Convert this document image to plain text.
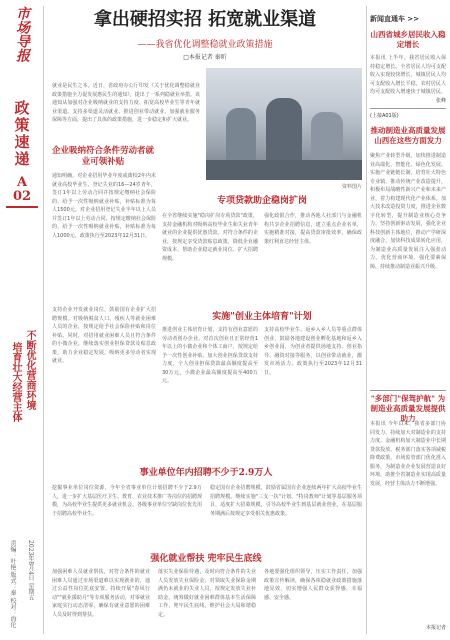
市场导报
政策速递
A
02
不断优化营商环境
培育壮大经营主体
2023年8月4日 星期五
责编：叶艳 版式：秦 校对：海伦
拿出硬招实招 拓宽就业渠道
——我省优化调整稳就业政策措施
□本报记者 秦昕
就业是民生之本。近日，省政府办公厅印发《关于优化调整稳就业政策措施全力促发展惠民生的通知》，提出了一系列稳就业举措。该通知从加强对企业吸纳就业的支持力度、拓宽高校毕业生等青年就业渠道、支持多渠道灵活就业、推进创业带动就业、加强就业服务保障等方面，提出了具体的政策措施，进一步稳定和扩大就业。
资料图片
企业吸纳符合条件劳动者就业可领补贴
通知明确，对企业招用毕业年度或离校2年内未就业高校毕业生、登记失业的16—24岁青年，签订1年以上劳动合同并按规定缴纳社会保险的，给予一次性吸纳就业补贴，补贴标准为每人1500元。对企业招用登记失业半年以上人员并签订1年以上劳动合同、按规定缴纳社会保险的，给予一次性吸纳就业补贴，补贴标准为每人1000元。政策执行至2023年12月31日。
支持企业开发就业岗位，鼓励国有企业扩大招聘规模。对吸纳脱贫人口、残疾人等就业困难人员的企业，按规定给予社会保险补贴和岗位补贴。同时，对招用就业困难人员且符合条件的小微企业，继续落实创业担保贷款及贴息政策，助力企业稳定发展，吸纳更多劳动者实现就业。
专项贷款助企稳岗扩岗
在全省继续实施"稳岗扩岗专项贷款"政策，支持金融机构对吸纳高校毕业生和失业青年就业的企业提供优惠贷款。对符合条件的企业，按规定享受贷款贴息政策，降低企业融资成本，帮助企业稳定就业岗位、扩大招聘规模。
强化政银合作，推动各地人社部门与金融机构共享企业招聘信息，建立重点企业名单，实施精准对接，提高贷款审批效率，确保政策红利直达经营主体。
实施"创业主体培育"计划
推进创业主体培育计划，支持有创业意愿的劳动者创办企业。对首次创业且正常经营1年以上的小微企业和个体工商户，按规定给予一次性创业补贴。加大创业担保贷款支持力度，个人创业担保贷款最高额度提高至30万元，小微企业最高额度提高至400万元。
支持高校毕业生、返乡入乡人员等重点群体创业，鼓励各地建设创业孵化基地和返乡入乡创业园，为创业者提供场地支持、创业指导、融资对接等服务，以创业带动就业，激发市场活力。政策执行至2023年12月31日。
事业单位年内招聘不少于2.9万人
挖掘事业单位岗位资源，今年全省事业单位计划招聘不少于2.9万人，进一步扩大基层医疗卫生、教育、农业技术推广等岗位的招聘规模，为高校毕业生提供更多就业机会。各级事业单位空缺岗位优先用于招聘高校毕业生。
稳定国有企业招聘规模，鼓励省属国有企业连续两年扩大高校毕业生招聘规模。继续实施"三支一扶"计划、"特岗教师"计划等基层服务项目，适度扩大招募规模，引导高校毕业生到基层就业创业，在基层服务期满后按规定享受相关优惠政策。
强化就业帮扶 兜牢民生底线
加强困难人员就业帮扶，对符合条件的就业困难人员通过市场渠道难以实现就业的，通过公益性岗位托底安置。持续开展"春风行动""就业援助月"等专项服务活动，对零就业家庭实行动态清零，确保有就业意愿的困难人员及时得到帮扶。
落实失业保险待遇，及时向符合条件的失业人员发放失业保险金，对领取失业保险金期满仍未就业的失业人员，按规定发放失业补助金。统筹做好就业困难群体基本生活保障工作，兜牢民生底线，维护社会大局和谐稳定。
各地要强化组织领导，压实工作责任，加强政策宣传解读，确保各项稳就业政策措施落地见效，切实增强人民群众获得感、幸福感、安全感。
新闻直通车 >>
山西省城乡居民收入稳定增长
本报讯 上半年，我省居民收入保持稳定增长。全省居民人均可支配收入实现较快增长，城镇居民人均可支配收入增长平稳，农村居民人均可支配收入增速快于城镇居民，
张峰
(上接A01版)
推动制造业高质量发展山西在这些方面发力
聚焦产业转型升级，加快推进制造业高端化、智能化、绿色化发展。实施产业链链长制，培育壮大特色专业镇，推动传统产业改造提升，积极布局战略性新兴产业和未来产业，着力构建现代化产业体系。加大技术改造投资力度，推进企业数字化转型，提升制造业核心竞争力。坚持创新驱动发展，强化企业科技创新主体地位，推动产学研深度融合，加快科技成果转化应用，为制造业高质量发展注入强劲动力。优化营商环境，强化要素保障，持续推动制造业振兴升级。
"多部门"保驾护航" 为制造业高质量发展提供助力
本报讯 今年以来，我省多部门协同发力，持续加大对制造业的支持力度。金融机构加大制造业中长期贷款投放，税务部门落实各项减税降费政策，市场监管部门优化准入服务，为制造业企业发展营造良好环境，助推全省制造业实现高质量发展，经营主体活力不断增强。
本报记者
